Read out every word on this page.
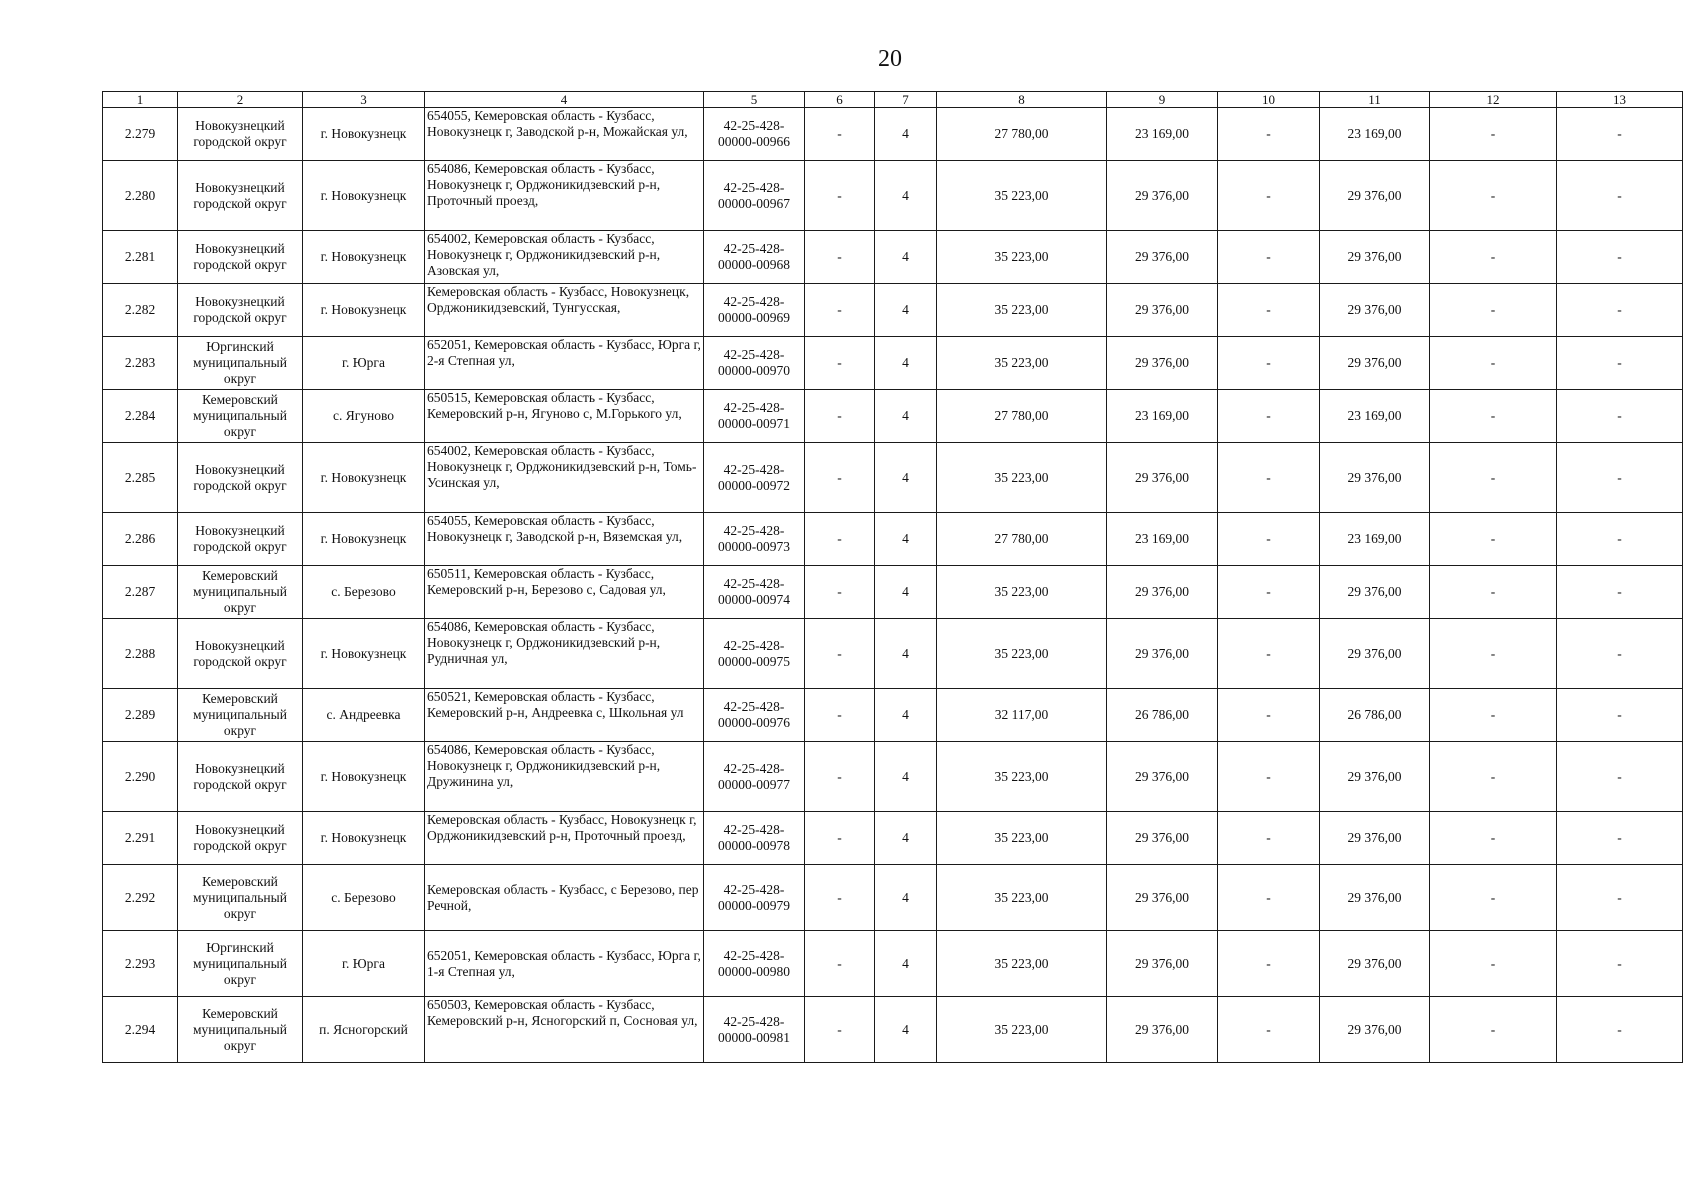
20
1	2	3	4	5	6	7	8	9	10	11	12	13
2.279	Новокузнецкий городской округ	г. Новокузнецк	654055, Кемеровская область - Кузбасс, Новокузнецк г, Заводской р-н, Можайская ул,	42-25-428-00000-00966	-	4	27 780,00	23 169,00	-	23 169,00	-	-
2.280	Новокузнецкий городской округ	г. Новокузнецк	654086, Кемеровская область - Кузбасс, Новокузнецк г, Орджоникидзевский р-н, Проточный проезд,	42-25-428-00000-00967	-	4	35 223,00	29 376,00	-	29 376,00	-	-
2.281	Новокузнецкий городской округ	г. Новокузнецк	654002, Кемеровская область - Кузбасс, Новокузнецк г, Орджоникидзевский р-н, Азовская ул,	42-25-428-00000-00968	-	4	35 223,00	29 376,00	-	29 376,00	-	-
2.282	Новокузнецкий городской округ	г. Новокузнецк	Кемеровская область - Кузбасс, Новокузнецк, Орджоникидзевский, Тунгусская,	42-25-428-00000-00969	-	4	35 223,00	29 376,00	-	29 376,00	-	-
2.283	Юргинский муниципальный округ	г. Юрга	652051, Кемеровская область - Кузбасс, Юрга г, 2-я Степная ул,	42-25-428-00000-00970	-	4	35 223,00	29 376,00	-	29 376,00	-	-
2.284	Кемеровский муниципальный округ	с. Ягуново	650515, Кемеровская область - Кузбасс, Кемеровский р-н, Ягуново с, М.Горького ул,	42-25-428-00000-00971	-	4	27 780,00	23 169,00	-	23 169,00	-	-
2.285	Новокузнецкий городской округ	г. Новокузнецк	654002, Кемеровская область - Кузбасс, Новокузнецк г, Орджоникидзевский р-н, Томь-Усинская ул,	42-25-428-00000-00972	-	4	35 223,00	29 376,00	-	29 376,00	-	-
2.286	Новокузнецкий городской округ	г. Новокузнецк	654055, Кемеровская область - Кузбасс, Новокузнецк г, Заводской р-н, Вяземская ул,	42-25-428-00000-00973	-	4	27 780,00	23 169,00	-	23 169,00	-	-
2.287	Кемеровский муниципальный округ	с. Березово	650511, Кемеровская область - Кузбасс, Кемеровский р-н, Березово с, Садовая ул,	42-25-428-00000-00974	-	4	35 223,00	29 376,00	-	29 376,00	-	-
2.288	Новокузнецкий городской округ	г. Новокузнецк	654086, Кемеровская область - Кузбасс, Новокузнецк г, Орджоникидзевский р-н, Рудничная ул,	42-25-428-00000-00975	-	4	35 223,00	29 376,00	-	29 376,00	-	-
2.289	Кемеровский муниципальный округ	с. Андреевка	650521, Кемеровская область - Кузбасс, Кемеровский р-н, Андреевка с, Школьная ул	42-25-428-00000-00976	-	4	32 117,00	26 786,00	-	26 786,00	-	-
2.290	Новокузнецкий городской округ	г. Новокузнецк	654086, Кемеровская область - Кузбасс, Новокузнецк г, Орджоникидзевский р-н, Дружинина ул,	42-25-428-00000-00977	-	4	35 223,00	29 376,00	-	29 376,00	-	-
2.291	Новокузнецкий городской округ	г. Новокузнецк	Кемеровская область - Кузбасс, Новокузнецк г, Орджоникидзевский р-н, Проточный проезд,	42-25-428-00000-00978	-	4	35 223,00	29 376,00	-	29 376,00	-	-
2.292	Кемеровский муниципальный округ	с. Березово	Кемеровская область - Кузбасс, с Березово, пер Речной,	42-25-428-00000-00979	-	4	35 223,00	29 376,00	-	29 376,00	-	-
2.293	Юргинский муниципальный округ	г. Юрга	652051, Кемеровская область - Кузбасс, Юрга г, 1-я Степная ул,	42-25-428-00000-00980	-	4	35 223,00	29 376,00	-	29 376,00	-	-
2.294	Кемеровский муниципальный округ	п. Ясногорский	650503, Кемеровская область - Кузбасс, Кемеровский р-н, Ясногорский п, Сосновая ул,	42-25-428-00000-00981	-	4	35 223,00	29 376,00	-	29 376,00	-	-
